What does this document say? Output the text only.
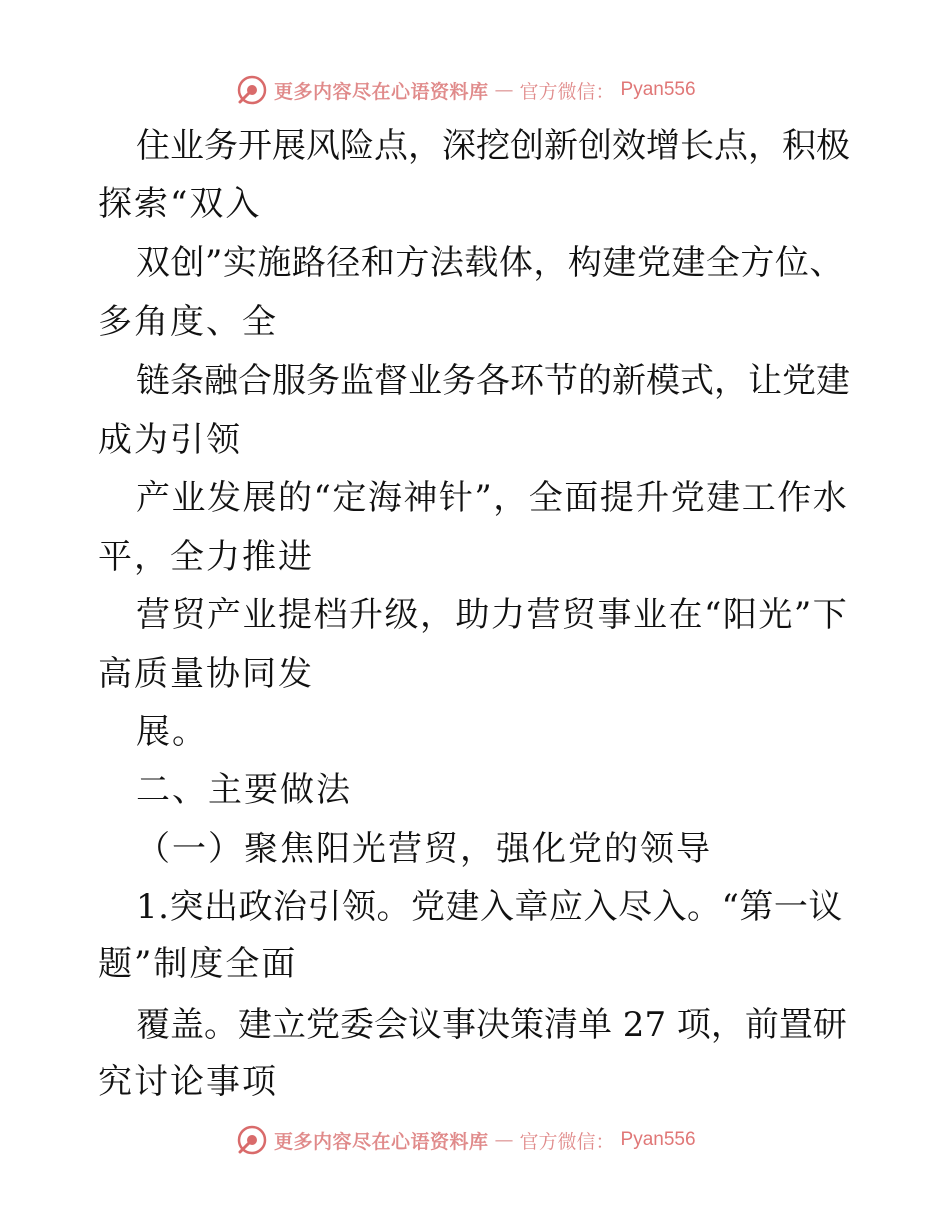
更多内容尽在心语资料库 — 官方微信： Pyan556
住业务开展风险点，深挖创新创效增长点，积极
探索“双入
双创”实施路径和方法载体，构建党建全方位、
多角度、全
链条融合服务监督业务各环节的新模式，让党建
成为引领
产业发展的“定海神针”，全面提升党建工作水
平，全力推进
营贸产业提档升级，助力营贸事业在“阳光”下
高质量协同发
展。
二、主要做法
（一）聚焦阳光营贸，强化党的领导
1.突出政治引领。党建入章应入尽入。“第一议
题”制度全面
覆盖。建立党委会议事决策清单 27 项，前置研
究讨论事项
更多内容尽在心语资料库 — 官方微信： Pyan556
